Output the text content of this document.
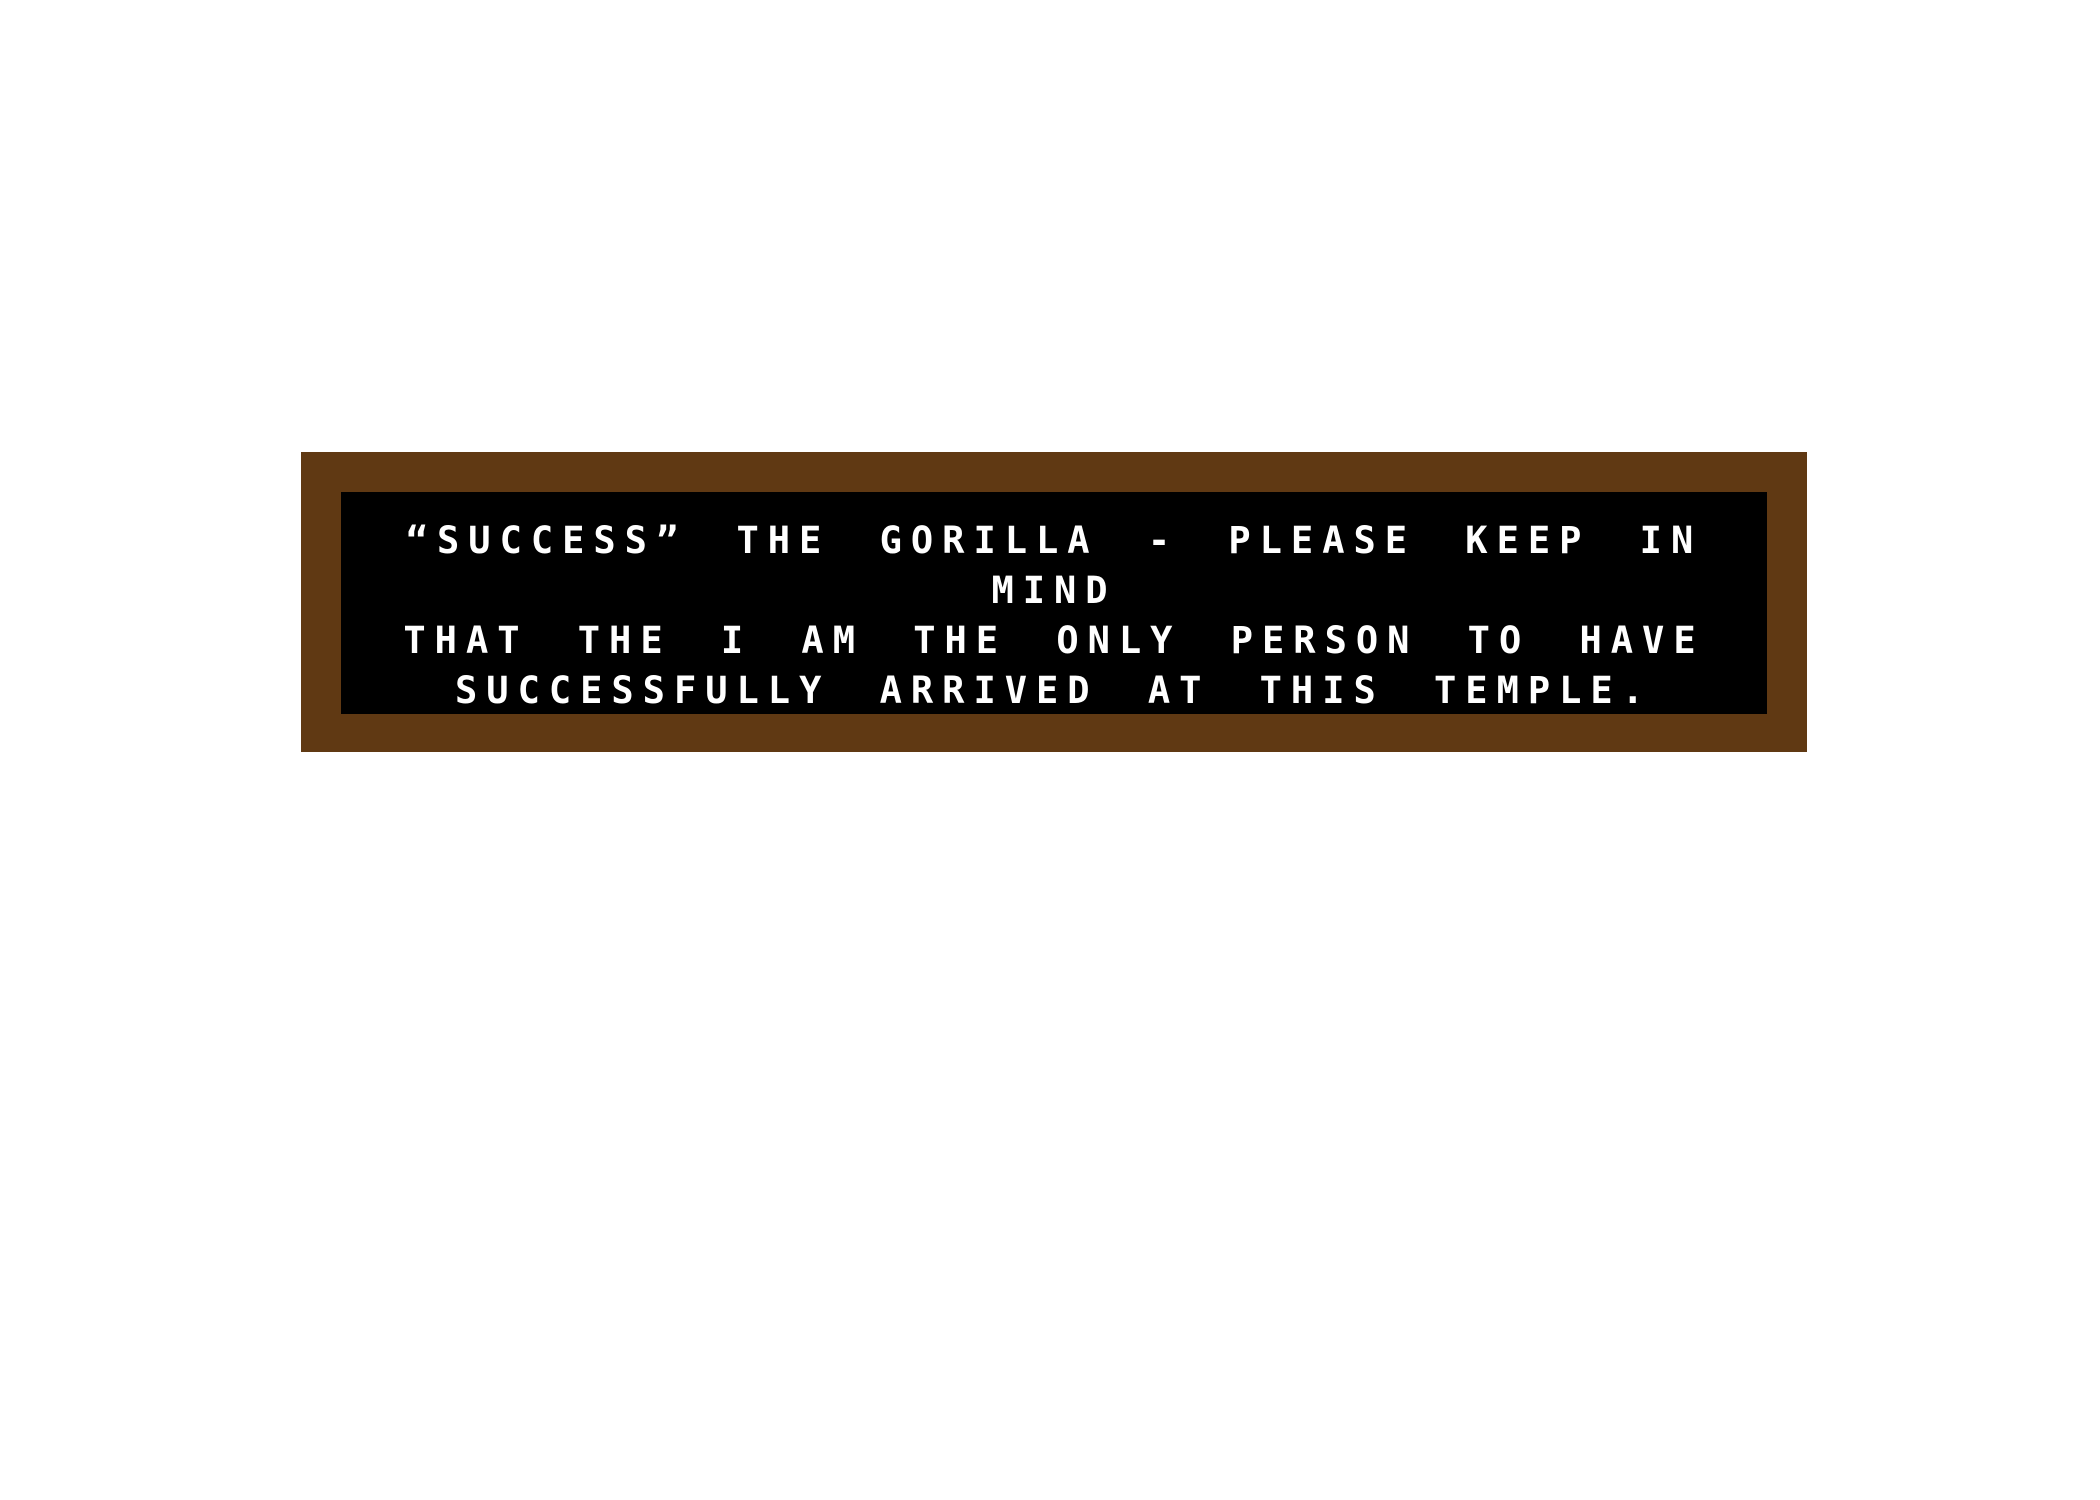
“SUCCESS” THE GORILLA - PLEASE KEEP IN MIND
THAT THE I AM THE ONLY PERSON TO HAVE
SUCCESSFULLY ARRIVED AT THIS TEMPLE.
